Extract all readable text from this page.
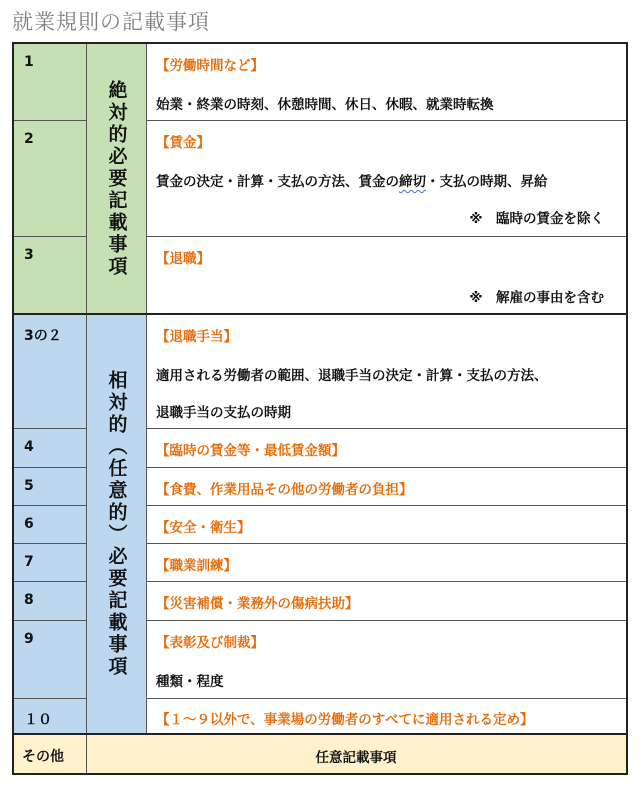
就業規則の記載事項
絶対的必要記載事項
相対的（任意的）必要記載事項
1
2
3
3の２
4
5
6
7
8
9
１０
その他
【労働時間など】
始業・終業の時刻、休憩時間、休日、休暇、就業時転換
【賃金】
賃金の決定・計算・支払の方法、賃金の締切・支払の時期、昇給
※　臨時の賃金を除く
【退職】
※　解雇の事由を含む
【退職手当】
適用される労働者の範囲、退職手当の決定・計算・支払の方法、
退職手当の支払の時期
【臨時の賃金等・最低賃金額】
【食費、作業用品その他の労働者の負担】
【安全・衛生】
【職業訓練】
【災害補償・業務外の傷病扶助】
【表彰及び制裁】
種類・程度
【１～９以外で、事業場の労働者のすべてに適用される定め】
任意記載事項
